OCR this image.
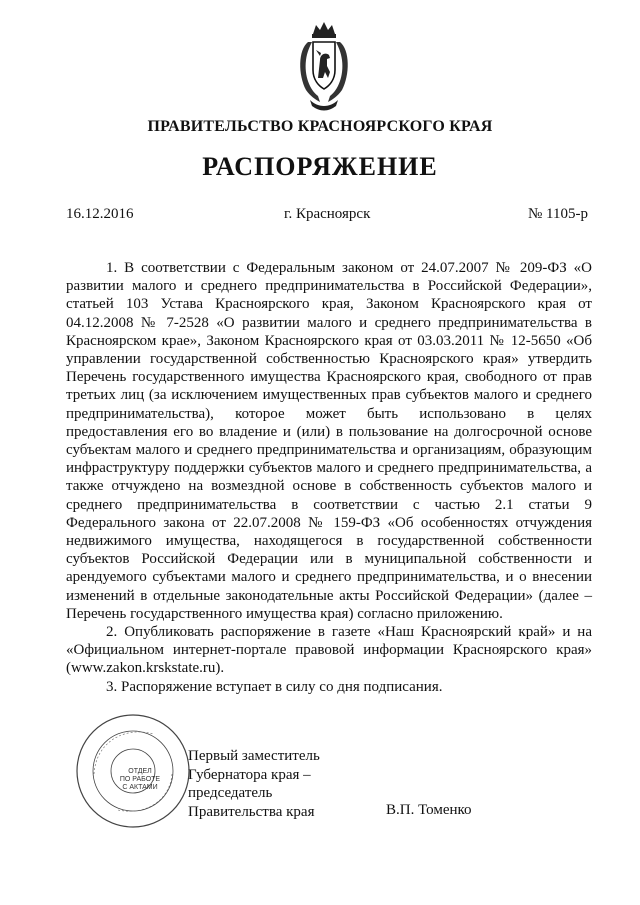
ПРАВИТЕЛЬСТВО КРАСНОЯРСКОГО КРАЯ
РАСПОРЯЖЕНИЕ
16.12.2016	г. Красноярск	№ 1105-р

1. В соответствии с Федеральным законом от 24.07.2007 № 209-ФЗ «О развитии малого и среднего предпринимательства в Российской Федерации», статьей 103 Устава Красноярского края, Законом Красноярского края от 04.12.2008 № 7-2528 «О развитии малого и среднего предпринимательства в Красноярском крае», Законом Красноярского края от 03.03.2011 № 12-5650 «Об управлении государственной собственностью Красноярского края» утвердить Перечень государственного имущества Красноярского края, свободного от прав третьих лиц (за исключением имущественных прав субъектов малого и среднего предпринимательства), которое может быть использовано в целях предоставления его во владение и (или) в пользование на долгосрочной основе субъектам малого и среднего предпринимательства и организациям, образующим инфраструктуру поддержки субъектов малого и среднего предпринимательства, а также отчуждено на возмездной основе в собственность субъектов малого и среднего предпринимательства в соответствии с частью 2.1 статьи 9 Федерального закона от 22.07.2008 № 159-ФЗ «Об особенностях отчуждения недвижимого имущества, находящегося в государственной собственности субъектов Российской Федерации или в муниципальной собственности и арендуемого субъектами малого и среднего предпринимательства, и о внесении изменений в отдельные законодательные акты Российской Федерации» (далее – Перечень государственного имущества края) согласно приложению.

2. Опубликовать распоряжение в газете «Наш Красноярский край» и на «Официальном интернет-портале правовой информации Красноярского края» (www.zakon.krskstate.ru).

3. Распоряжение вступает в силу со дня подписания.

ОТДЕЛ
ПО РАБОТЕ
С АКТАМИ
Первый заместитель
Губернатора края –
председатель
Правительства края	В.П. Томенко
